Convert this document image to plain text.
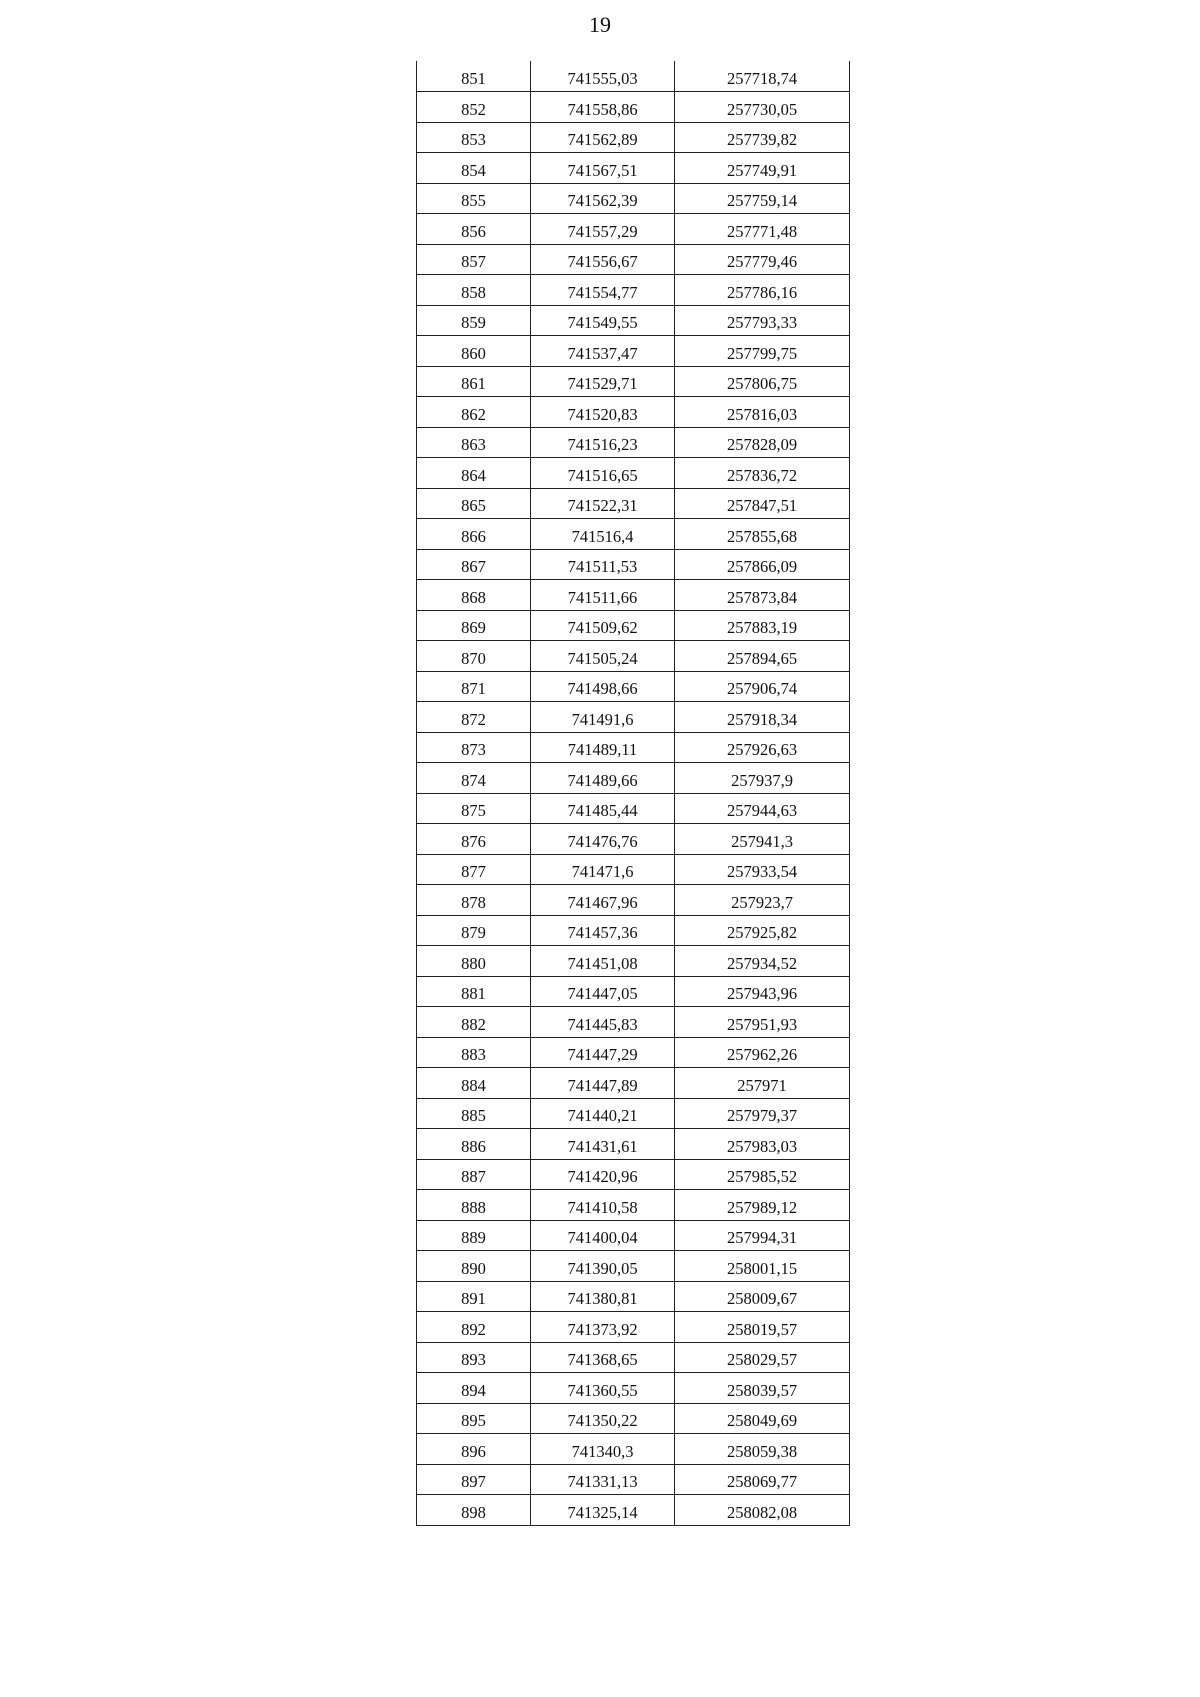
19
851	741555,03	257718,74
852	741558,86	257730,05
853	741562,89	257739,82
854	741567,51	257749,91
855	741562,39	257759,14
856	741557,29	257771,48
857	741556,67	257779,46
858	741554,77	257786,16
859	741549,55	257793,33
860	741537,47	257799,75
861	741529,71	257806,75
862	741520,83	257816,03
863	741516,23	257828,09
864	741516,65	257836,72
865	741522,31	257847,51
866	741516,4	257855,68
867	741511,53	257866,09
868	741511,66	257873,84
869	741509,62	257883,19
870	741505,24	257894,65
871	741498,66	257906,74
872	741491,6	257918,34
873	741489,11	257926,63
874	741489,66	257937,9
875	741485,44	257944,63
876	741476,76	257941,3
877	741471,6	257933,54
878	741467,96	257923,7
879	741457,36	257925,82
880	741451,08	257934,52
881	741447,05	257943,96
882	741445,83	257951,93
883	741447,29	257962,26
884	741447,89	257971
885	741440,21	257979,37
886	741431,61	257983,03
887	741420,96	257985,52
888	741410,58	257989,12
889	741400,04	257994,31
890	741390,05	258001,15
891	741380,81	258009,67
892	741373,92	258019,57
893	741368,65	258029,57
894	741360,55	258039,57
895	741350,22	258049,69
896	741340,3	258059,38
897	741331,13	258069,77
898	741325,14	258082,08
